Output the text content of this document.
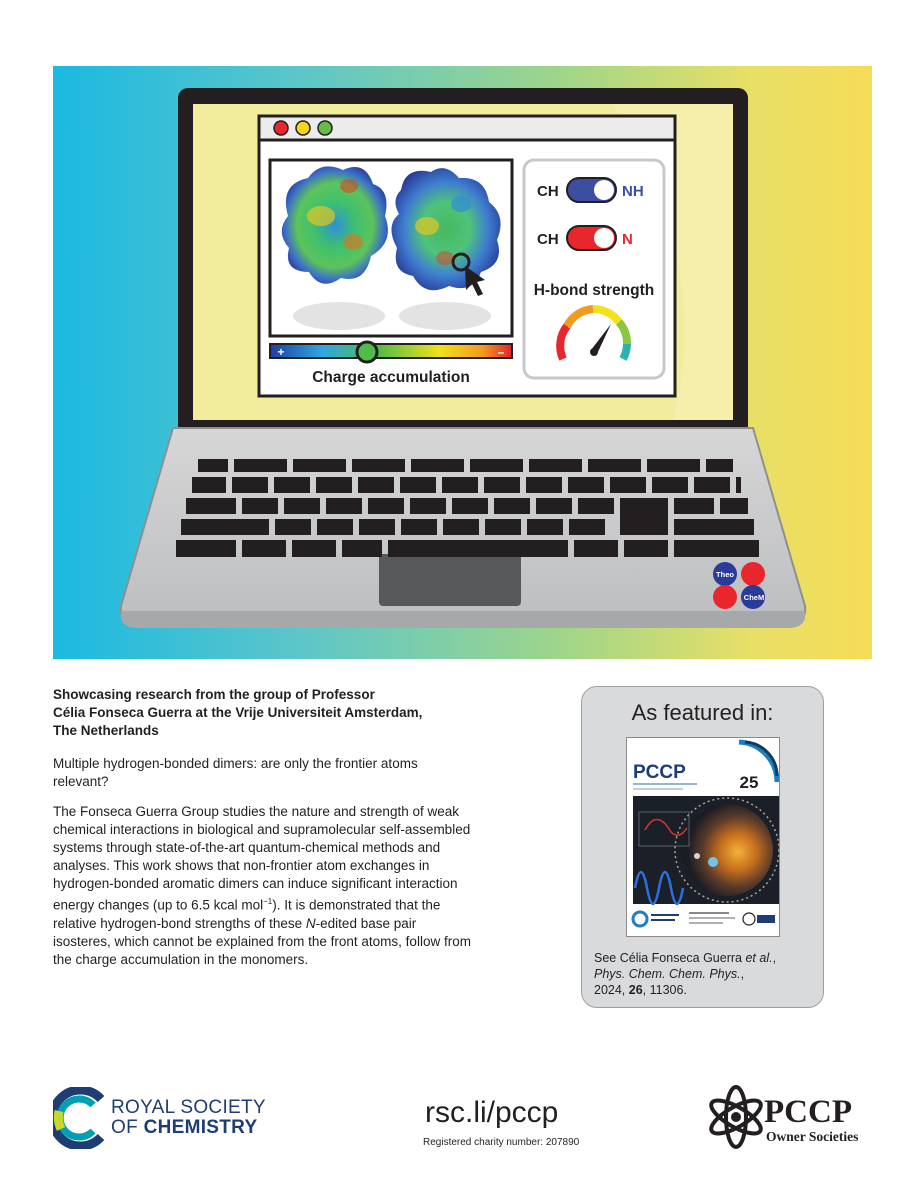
Theo
CheM
+	–
Charge accumulation
CH	NH
CH	N
H-bond strength

Showcasing research from the group of Professor
Célia Fonseca Guerra at the Vrije Universiteit Amsterdam,
The Netherlands

Multiple hydrogen-bonded dimers: are only the frontier atoms relevant?

The Fonseca Guerra Group studies the nature and strength of weak chemical interactions in biological and supramolecular self-assembled systems through state-of-the-art quantum-chemical methods and analyses. This work shows that non-frontier atom exchanges in hydrogen-bonded aromatic dimers can induce significant interaction energy changes (up to 6.5 kcal mol$^{-1}$). It is demonstrated that the relative hydrogen-bond strengths of these N-edited base pair isosteres, which cannot be explained from the front atoms, follow from the charge accumulation in the monomers.

As featured in:

PCCP	25
See Célia Fonseca Guerra et al.,
Phys. Chem. Chem. Phys.,
2024, 26, 11306.
ROYAL SOCIETY
OF CHEMISTRY	rsc.li/pccp
Registered charity number: 207890
PCCP
Owner Societies
